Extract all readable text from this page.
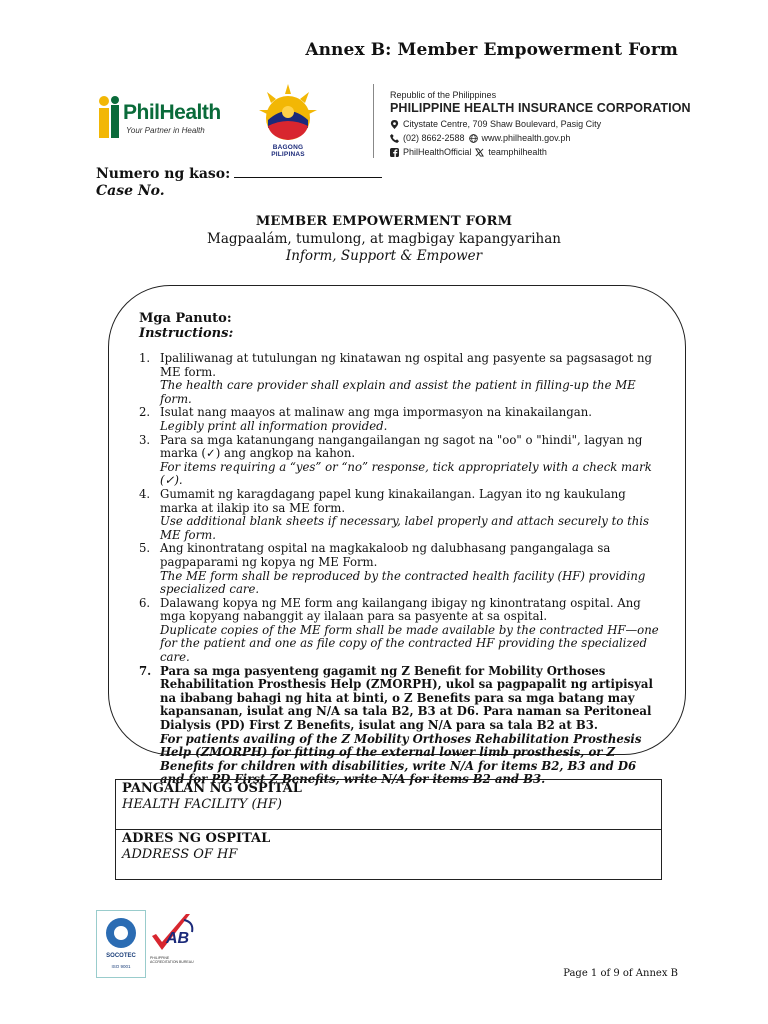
Annex B: Member Empowerment Form
PhilHealth
Your Partner in Health
BAGONG PILIPINAS
Republic of the Philippines
PHILIPPINE HEALTH INSURANCE CORPORATION
Citystate Centre, 709 Shaw Boulevard, Pasig City
(02) 8662-2588 www.philhealth.gov.ph
PhilHealthOfficial teamphilhealth
Numero ng kaso:
Case No.
MEMBER EMPOWERMENT FORM
Magpaalám, tumulong, at magbigay kapangyarihan
Inform, Support & Empower
Mga Panuto:
Instructions:
1. Ipaliliwanag at tutulungan ng kinatawan ng ospital ang pasyente sa pagsasagot ng ME form.
The health care provider shall explain and assist the patient in filling-up the ME form.
2. Isulat nang maayos at malinaw ang mga impormasyon na kinakailangan.
Legibly print all information provided.
3. Para sa mga katanungang nangangailangan ng sagot na "oo" o "hindi", lagyan ng marka (✓) ang angkop na kahon.
For items requiring a “yes” or “no” response, tick appropriately with a check mark (✓).
4. Gumamit ng karagdagang papel kung kinakailangan. Lagyan ito ng kaukulang marka at ilakip ito sa ME form.
Use additional blank sheets if necessary, label properly and attach securely to this ME form.
5. Ang kinontratang ospital na magkakaloob ng dalubhasang pangangalaga sa pagpaparami ng kopya ng ME Form.
The ME form shall be reproduced by the contracted health facility (HF) providing specialized care.
6. Dalawang kopya ng ME form ang kailangang ibigay ng kinontratang ospital. Ang mga kopyang nabanggit ay ilalaan para sa pasyente at sa ospital.
Duplicate copies of the ME form shall be made available by the contracted HF—one for the patient and one as file copy of the contracted HF providing the specialized care.
7. Para sa mga pasyenteng gagamit ng Z Benefit for Mobility Orthoses Rehabilitation Prosthesis Help (ZMORPH), ukol sa pagpapalit ng artipisyal na ibabang bahagi ng hita at binti, o Z Benefits para sa mga batang may kapansanan, isulat ang N/A sa tala B2, B3 at D6. Para naman sa Peritoneal Dialysis (PD) First Z Benefits, isulat ang N/A para sa tala B2 at B3.
For patients availing of the Z Mobility Orthoses Rehabilitation Prosthesis Help (ZMORPH) for fitting of the external lower limb prosthesis, or Z Benefits for children with disabilities, write N/A for items B2, B3 and D6 and for PD First Z Benefits, write N/A for items B2 and B3.
PANGALAN NG OSPITAL
HEALTH FACILITY (HF)
ADRES NG OSPITAL
ADDRESS OF HF
SOCOTEC
ISO 9001
AB
PHILIPPINE ACCREDITATION BUREAU
Page 1 of 9 of Annex B
